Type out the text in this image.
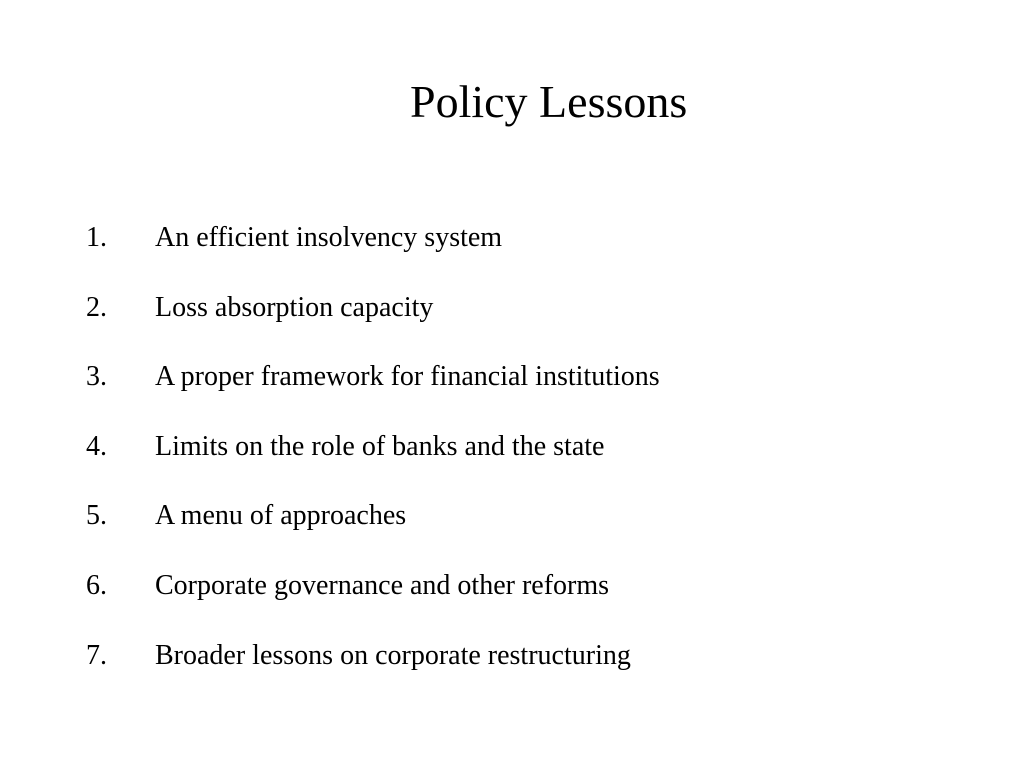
Policy Lessons
1.	An efficient insolvency system
2.	Loss absorption capacity
3.	A proper framework for financial institutions
4.	Limits on the role of banks and the state
5.	A menu of approaches
6.	Corporate governance and other reforms
7.	Broader lessons on corporate restructuring
